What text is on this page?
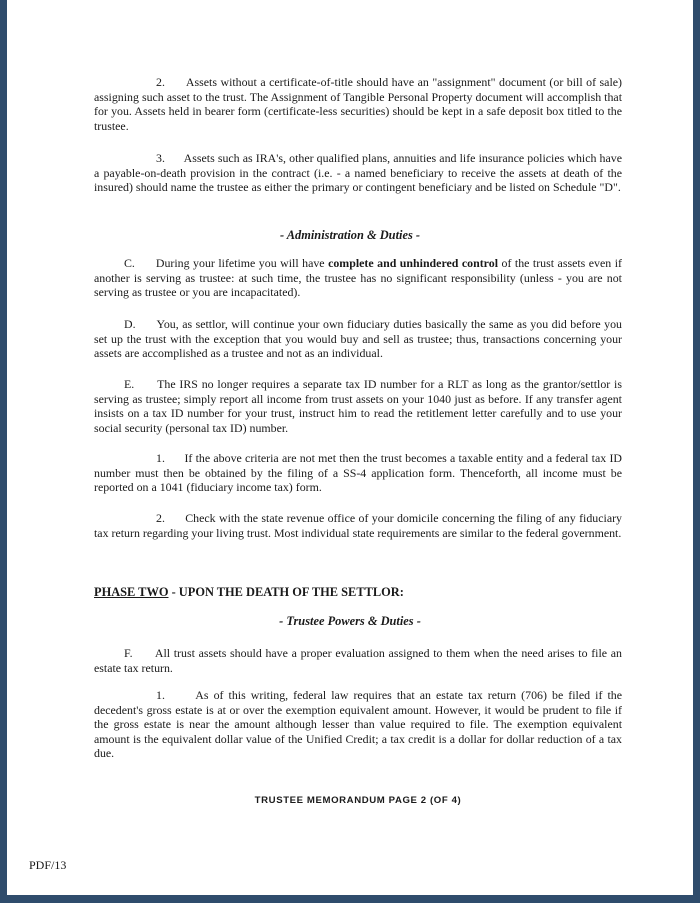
2.      Assets without a certificate-of-title should have an "assignment" document (or bill of sale) assigning such asset to the trust. The Assignment of Tangible Personal Property document will accomplish that for you. Assets held in bearer form (certificate-less securities) should be kept in a safe deposit box titled to the trustee.

3.      Assets such as IRA's, other qualified plans, annuities and life insurance policies which have a payable-on-death provision in the contract (i.e. - a named beneficiary to receive the assets at death of the insured) should name the trustee as either the primary or contingent beneficiary and be listed on Schedule "D".

- Administration & Duties -

C.      During your lifetime you will have complete and unhindered control of the trust assets even if another is serving as trustee: at such time, the trustee has no significant responsibility (unless - you are not serving as trustee or you are incapacitated).

D.      You, as settlor, will continue your own fiduciary duties basically the same as you did before you set up the trust with the exception that you would buy and sell as trustee; thus, transactions concerning your assets are accomplished as a trustee and not as an individual.

E.      The IRS no longer requires a separate tax ID number for a RLT as long as the grantor/settlor is serving as trustee; simply report all income from trust assets on your 1040 just as before. If any transfer agent insists on a tax ID number for your trust, instruct him to read the retitlement letter carefully and to use your social security (personal tax ID) number.

1.      If the above criteria are not met then the trust becomes a taxable entity and a federal tax ID number must then be obtained by the filing of a SS-4 application form. Thenceforth, all income must be reported on a 1041 (fiduciary income tax) form.

2.      Check with the state revenue office of your domicile concerning the filing of any fiduciary tax return regarding your living trust. Most individual state requirements are similar to the federal government.

PHASE TWO - UPON THE DEATH OF THE SETTLOR:
- Trustee Powers & Duties -

F.      All trust assets should have a proper evaluation assigned to them when the need arises to file an estate tax return.

1.      As of this writing, federal law requires that an estate tax return (706) be filed if the decedent's gross estate is at or over the exemption equivalent amount. However, it would be prudent to file if the gross estate is near the amount although lesser than value required to file. The exemption equivalent amount is the equivalent dollar value of the Unified Credit; a tax credit is a dollar for dollar reduction of a tax due.

TRUSTEE MEMORANDUM PAGE 2 (OF 4)
PDF/13
